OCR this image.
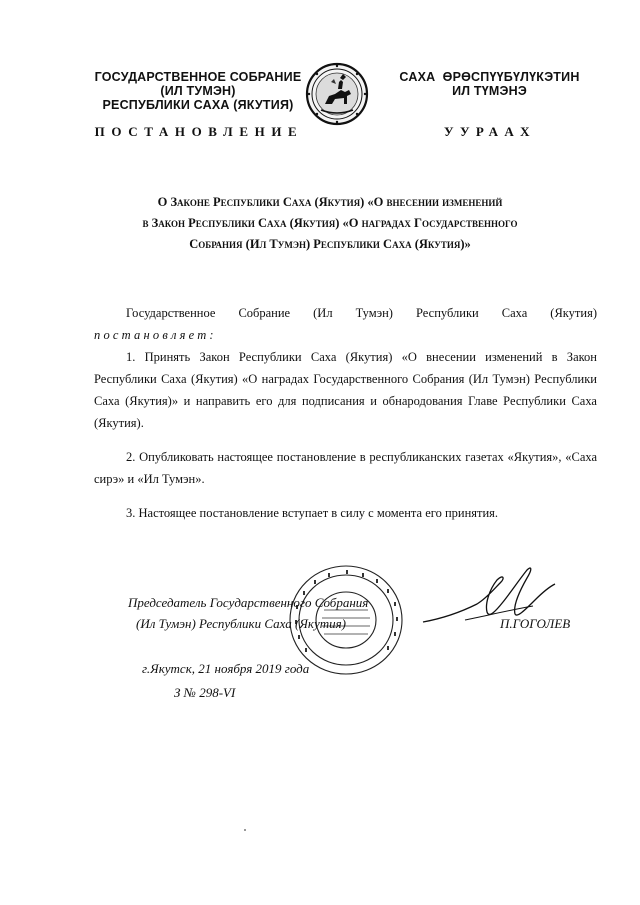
ГОСУДАРСТВЕННОЕ СОБРАНИЕ
(ИЛ ТУМЭН)
РЕСПУБЛИКИ САХА (ЯКУТИЯ)
САХА  ӨРӨСПҮҮБҮЛҮКЭТИН
ИЛ ТҮМЭНЭ
ПОСТАНОВЛЕНИЕ	УУРААХ
О Законе Республики Саха (Якутия) «О внесении изменений
в Закон Республики Саха (Якутия) «О наградах Государственного
Собрания (Ил Тумэн) Республики Саха (Якутия)»
Государственное Собрание (Ил Тумэн) Республики Саха (Якутия)
постановляет:

1. Принять Закон Республики Саха (Якутия) «О внесении изменений в Закон Республики Саха (Якутия) «О наградах Государственного Собрания (Ил Тумэн) Республики Саха (Якутия)» и направить его для подписания и обнародования Главе Республики Саха (Якутия).

2. Опубликовать настоящее постановление в республиканских газетах «Якутия», «Саха сирэ» и «Ил Тумэн».

3. Настоящее постановление вступает в силу с момента его принятия.

Председатель Государственного Собрания
(Ил Тумэн) Республики Саха (Якутия)	П.ГОГОЛЕВ
г.Якутск, 21 ноября 2019 года
З № 298-VI
